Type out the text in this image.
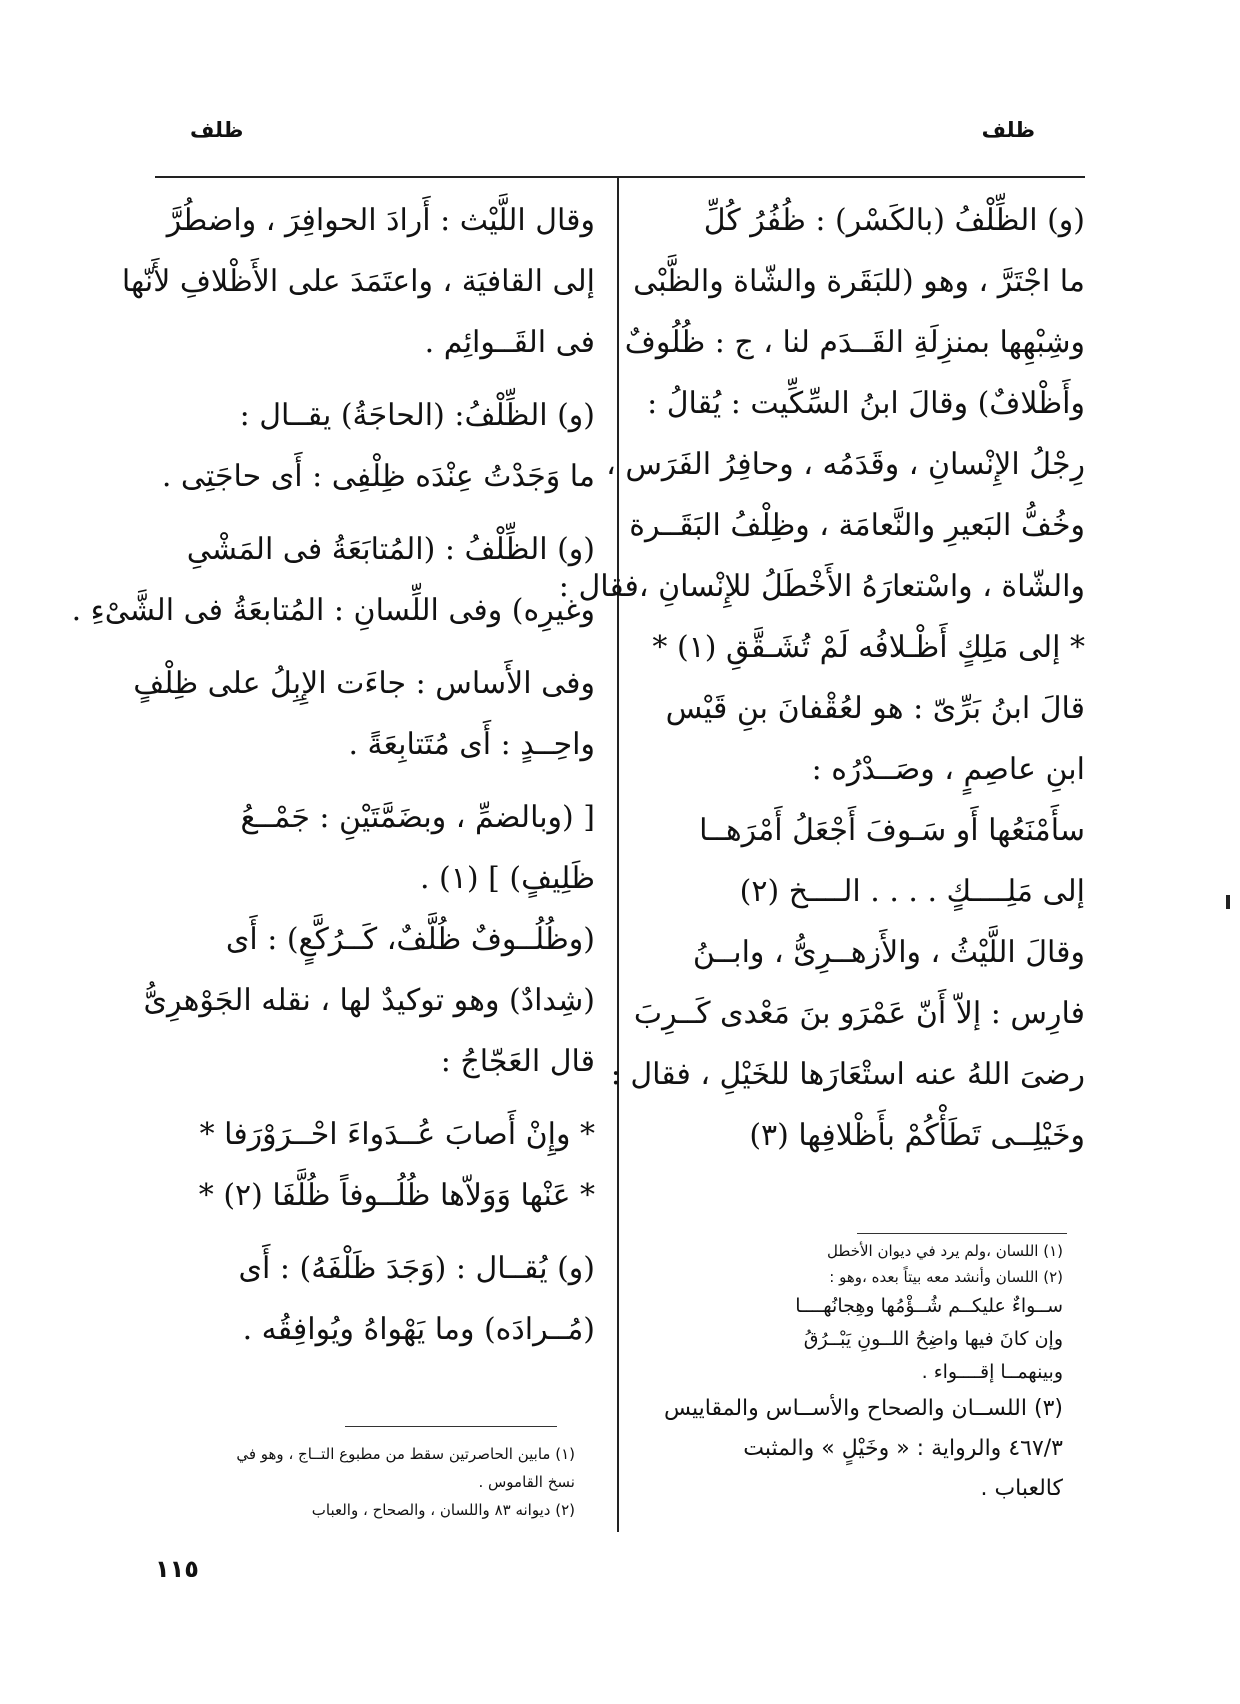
ظلف
ظلف
(و) الظِّلْفُ (بالكَسْر) : ظُفُرُ كُلِّ
ما اجْتَرَّ ، وهو (للبَقَرة والشّاة والظَّبْى
وشِبْهِها بمنزِلَةِ القَــدَم لنا ، ج : ظُلُوفٌ
وأَظْلافٌ) وقالَ ابنُ السِّكِّيت : يُقالُ :
رِجْلُ الإِنْسانِ ، وقَدَمُه ، وحافِرُ الفَرَس ،
وخُفُّ البَعيرِ والنَّعامَة ، وظِلْفُ البَقَــرة
والشّاة ، واسْتعارَهُ الأَخْطَلُ للإِنْسانِ ،فقال :
* إلى مَلِكٍ أَظْـلافُه لَمْ تُشَـقَّقِ (١) *
قالَ ابنُ بَرِّىّ : هو لعُقْفانَ بنِ قَيْس
ابنِ عاصِمٍ ، وصَــدْرُه :
سأَمْنَعُها أَو سَـوفَ أَجْعَلُ أَمْرَهــا
إلى مَلِــــكٍ . . . . الــــخ (٢)
وقالَ اللَّيْثُ ، والأَزهــرِىُّ ، وابــنُ
فارِس : إلاّ أَنّ عَمْرَو بنَ مَعْدى كَــرِبَ
رضىَ اللهُ عنه استْعَارَها للخَيْلِ ، فقال :
وخَيْلِــى تَطَأْكُمْ بأَظْلافِها (٣)
وقال اللَّيْث : أَرادَ الحوافِرَ ، واضطُرَّ
إلى القافيَة ، واعتَمَدَ على الأَظْلافِ لأَنّها
فى القَــوائِم .
(و) الظِّلْفُ: (الحاجَةُ) يقــال :
ما وَجَدْتُ عِنْدَه ظِلْفِى : أَى حاجَتِى .
(و) الظِّلْفُ : (المُتابَعَةُ فى المَشْىِ
وغيرِه) وفى اللِّسانِ : المُتابعَةُ فى الشَّىْءِ .
وفى الأَساس : جاءَت الإِبِلُ على ظِلْفٍ
واحِــدٍ : أَى مُتَتابِعَةً .
[ (وبالضمِّ ، وبضَمَّتَيْنِ : جَمْــعُ
ظَلِيفٍ) ] (١) .
(وظُلُــوفٌ ظُلَّفٌ، كَــرُكَّعٍ) : أَى
(شِدادٌ) وهو توكيدٌ لها ، نقله الجَوْهرِىُّ
قال العَجّاجُ :
* وإِنْ أَصابَ عُــدَواءَ احْــرَوْرَفا *
* عَنْها وَوَلاّها ظُلُــوفاً ظُلَّفَا (٢) *
(و) يُقــال : (وَجَدَ ظَلْفَهُ) : أَى
(مُــرادَه) وما يَهْواهُ ويُوافِقُه .
(١) اللسان ،ولم يرد في ديوان الأخطل
(٢) اللسان وأنشد معه بيتاً بعده ،وهو :
ســواءٌ عليكــم شُــؤْمُها وهِجانُهــــا
وإن كانَ فيها واضِحُ اللــونِ يَبْــرُقُ
وبينهمــا إقــــواء .
(٣) اللســان والصحاح والأســاس والمقاييس
٤٦٧/٣ والرواية : « وخَيْلٍ » والمثبت
كالعباب .
(١) مابين الحاصرتين سقط من مطبوع التــاج ، وهو في
نسخ القاموس .
(٢) ديوانه ٨٣ واللسان ، والصحاح ، والعباب
١١٥
